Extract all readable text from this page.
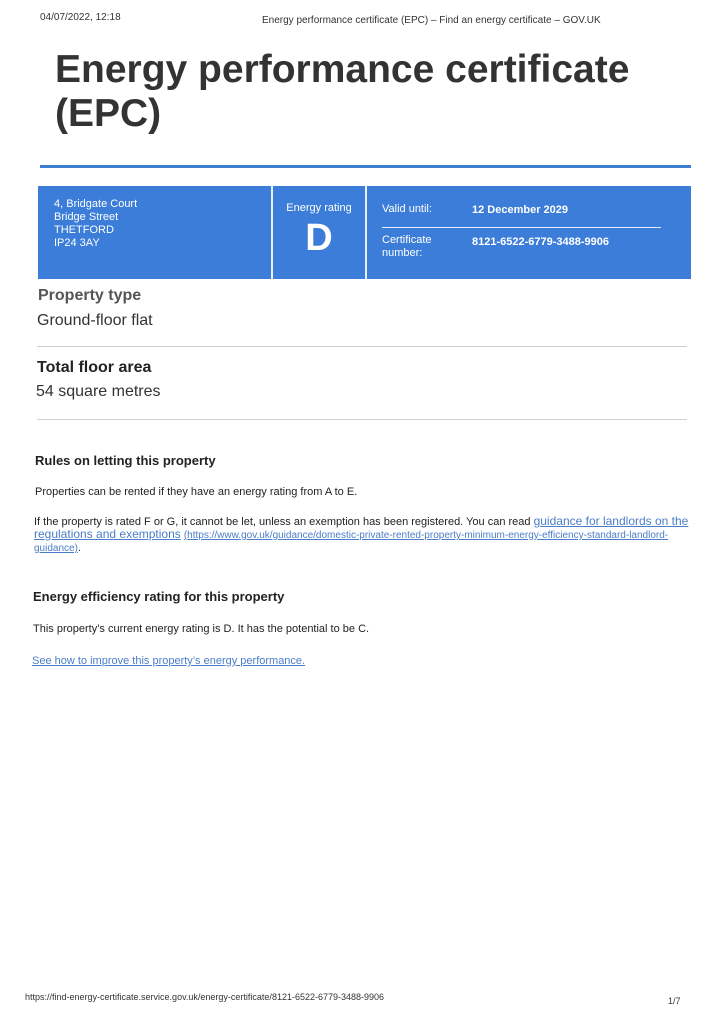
04/07/2022, 12:18	Energy performance certificate (EPC) – Find an energy certificate – GOV.UK
Energy performance certificate (EPC)
4, Bridgate Court
Bridge Street
THETFORD
IP24 3AY
Energy rating
D
Valid until:	12 December 2029
Certificate number:
8121-6522-6779-3488-9906
Property type
Ground-floor flat
Total floor area
54 square metres
Rules on letting this property
Properties can be rented if they have an energy rating from A to E.

If the property is rated F or G, it cannot be let, unless an exemption has been registered. You can read guidance for landlords on the regulations and exemptions (https://www.gov.uk/guidance/domestic-private-rented-property-minimum-energy-efficiency-standard-landlord-guidance).

Energy efficiency rating for this property
This property’s current energy rating is D. It has the potential to be C.
See how to improve this property’s energy performance.
https://find-energy-certificate.service.gov.uk/energy-certificate/8121-6522-6779-3488-9906	1/7
